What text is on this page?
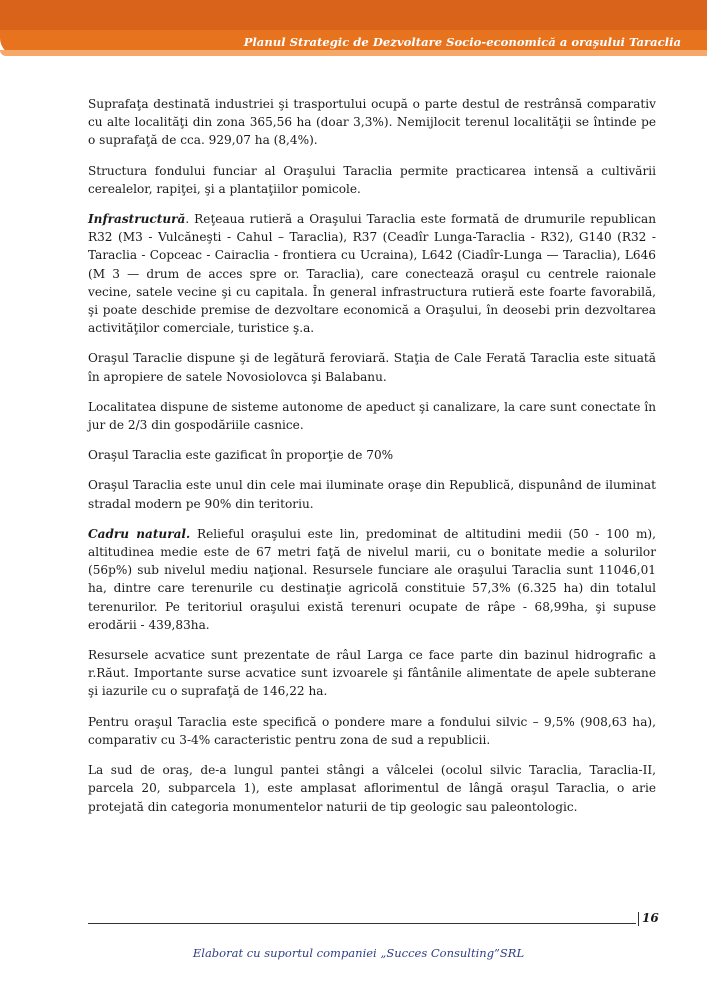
Planul Strategic de Dezvoltare Socio-economică a oraşului Taraclia

Suprafaţa destinată industriei şi trasportului ocupă o parte destul de restrânsă comparativ cu alte localităţi din zona 365,56 ha (doar 3,3%). Nemijlocit terenul localităţii se întinde pe o suprafaţă de cca. 929,07 ha (8,4%).

Structura fondului funciar al Oraşului Taraclia permite practicarea intensă a cultivării cerealelor, rapiţei, şi a plantaţiilor pomicole.

Infrastructură. Reţeaua rutieră a Oraşului Taraclia este formată de drumurile republican R32 (M3 - Vulcăneşti - Cahul – Taraclia), R37 (Ceadîr Lunga-Taraclia - R32), G140 (R32 - Taraclia - Copceac - Cairaclia - frontiera cu Ucraina), L642 (Ciadîr-Lunga — Taraclia), L646 (M 3 — drum de acces spre or. Taraclia), care conectează oraşul cu centrele raionale vecine, satele vecine şi cu capitala. În general infrastructura rutieră este foarte favorabilă, şi poate deschide premise de dezvoltare economică a Oraşului, în deosebi prin dezvoltarea activităţilor comerciale, turistice ş.a.

Oraşul Taraclie dispune şi de legătură feroviară. Staţia de Cale Ferată Taraclia este situată în apropiere de satele Novosiolovca şi Balabanu.

Localitatea dispune de sisteme autonome de apeduct şi canalizare, la care sunt conectate în jur de 2/3 din gospodăriile casnice.

Oraşul Taraclia este gazificat în proporţie de 70%

Oraşul Taraclia este unul din cele mai iluminate oraşe din Republică, dispunând de iluminat stradal modern pe 90% din teritoriu.

Cadru natural. Relieful oraşului este lin, predominat de altitudini medii (50 - 100 m), altitudinea medie este de 67 metri faţă de nivelul marii, cu o bonitate medie a solurilor (56p%) sub nivelul mediu naţional. Resursele funciare ale oraşului Taraclia sunt 11046,01 ha, dintre care terenurile cu destinaţie agricolă constituie 57,3% (6.325 ha) din totalul terenurilor. Pe teritoriul oraşului există terenuri ocupate de râpe - 68,99ha, şi supuse erodării - 439,83ha.

Resursele acvatice sunt prezentate de râul Larga ce face parte din bazinul hidrografic a r.Răut. Importante surse acvatice sunt izvoarele şi fântânile alimentate de apele subterane şi iazurile cu o suprafaţă de 146,22 ha.

Pentru oraşul Taraclia este specifică o pondere mare a fondului silvic – 9,5% (908,63 ha), comparativ cu 3-4% caracteristic pentru zona de sud a republicii.

La sud de oraş, de-a lungul pantei stângi a vâlcelei (ocolul silvic Taraclia, Taraclia-II, parcela 20, subparcela 1), este amplasat aflorimentul de lângă oraşul Taraclia, o arie protejată din categoria monumentelor naturii de tip geologic sau paleontologic.

16
Elaborat cu suportul companiei „Succes Consulting”SRL
